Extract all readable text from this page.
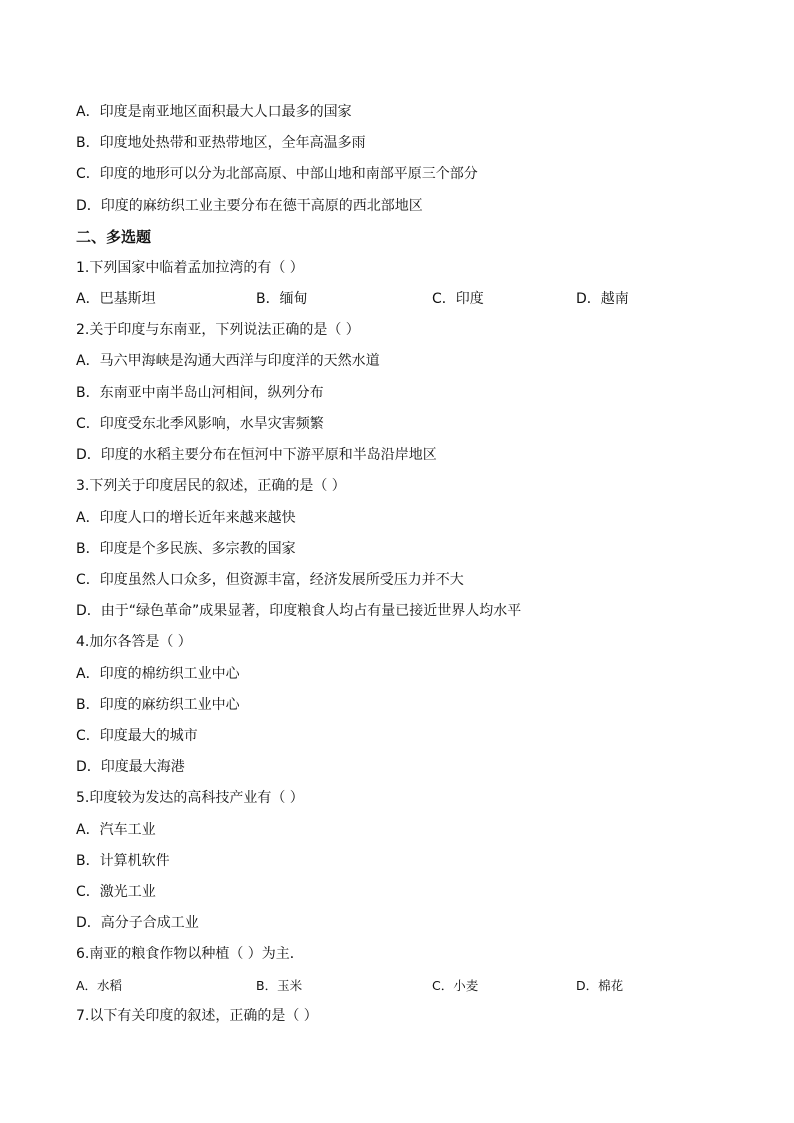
A．印度是南亚地区面积最大人口最多的国家
B．印度地处热带和亚热带地区，全年高温多雨
C．印度的地形可以分为北部高原、中部山地和南部平原三个部分
D．印度的麻纺织工业主要分布在德干高原的西北部地区
二、多选题
1.下列国家中临着孟加拉湾的有（ ）
A．巴基斯坦	B．缅甸	C．印度	D．越南
2.关于印度与东南亚，下列说法正确的是（ ）
A．马六甲海峡是沟通大西洋与印度洋的天然水道
B．东南亚中南半岛山河相间，纵列分布
C．印度受东北季风影响，水旱灾害频繁
D．印度的水稻主要分布在恒河中下游平原和半岛沿岸地区
3.下列关于印度居民的叙述，正确的是（ ）
A．印度人口的增长近年来越来越快
B．印度是个多民族、多宗教的国家
C．印度虽然人口众多，但资源丰富，经济发展所受压力并不大
D．由于“绿色革命”成果显著，印度粮食人均占有量已接近世界人均水平
4.加尔各答是（ ）
A．印度的棉纺织工业中心
B．印度的麻纺织工业中心
C．印度最大的城市
D．印度最大海港
5.印度较为发达的高科技产业有（ ）
A．汽车工业
B．计算机软件
C．激光工业
D．高分子合成工业
6.南亚的粮食作物以种植（ ）为主．
A．水稻	B．玉米	C．小麦	D．棉花
7.以下有关印度的叙述，正确的是（ ）
